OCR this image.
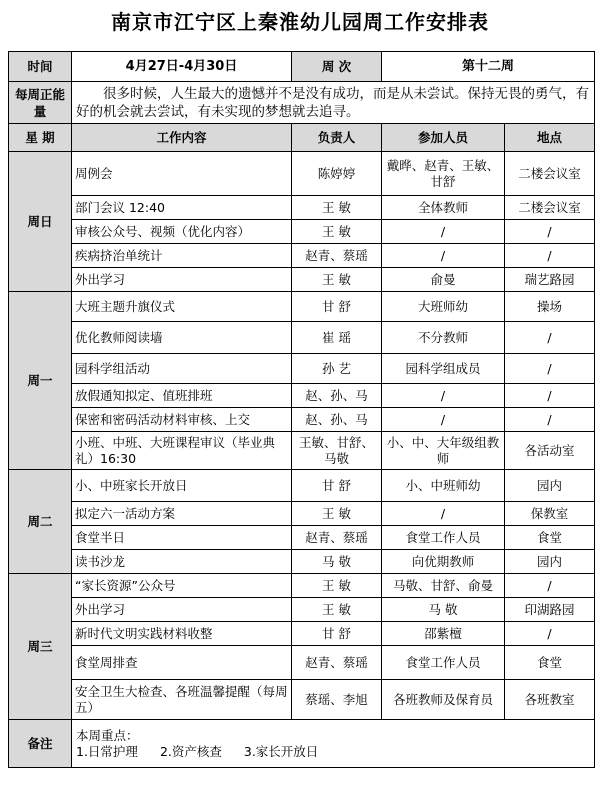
南京市江宁区上秦淮幼儿园周工作安排表
时间	4月27日-4月30日	周 次	第十二周	
每周正能量	很多时候，人生最大的遗憾并不是没有成功，而是从未尝试。保持无畏的勇气，有好的机会就去尝试，有未实现的梦想就去追寻。			
星 期	工作内容	负责人	参加人员	地点
周日	周例会	陈婷婷	戴晔、赵青、王敏、甘舒	二楼会议室
	部门会议 12:40	王 敏	全体教师	二楼会议室
	审核公众号、视频（优化内容）	王 敏	/	/
	疾病挤治单统计	赵青、蔡瑶	/	/
	外出学习	王 敏	俞曼	瑞艺路园
周一	大班主题升旗仪式	甘 舒	大班师幼	操场
	优化教师阅读墙	崔 瑶	不分教师	/
	园科学组活动	孙 艺	园科学组成员	/
	放假通知拟定、值班排班	赵、孙、马	/	/
	保密和密码活动材料审核、上交	赵、孙、马	/	/
	小班、中班、大班课程审议（毕业典礼）16:30	王敏、甘舒、马敬	小、中、大年级组教师	各活动室
周二	小、中班家长开放日	甘 舒	小、中班师幼	园内
	拟定六一活动方案	王 敏	/	保教室
	食堂半日	赵青、蔡瑶	食堂工作人员	食堂
	读书沙龙	马 敬	向优期教师	园内
周三	“家长资源”公众号	王 敏	马敬、甘舒、俞曼	/
	外出学习	王 敏	马 敬	印湖路园
	新时代文明实践材料收整	甘 舒	邵紫檀	/
	食堂周排查	赵青、蔡瑶	食堂工作人员	食堂
	安全卫生大检查、各班温馨提醒（每周五）	蔡瑶、李旭	各班教师及保育员	各班教室
备注	本周重点：
1.日常护理 2.资产核查 3.家长开放日			
